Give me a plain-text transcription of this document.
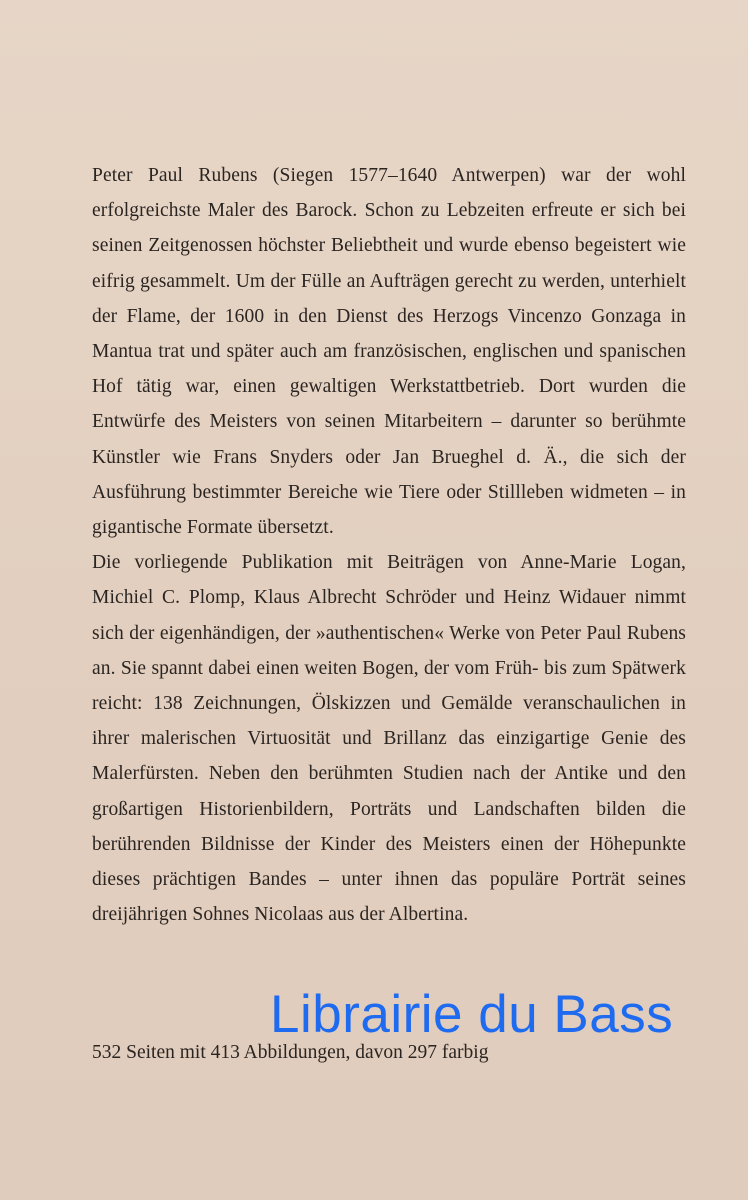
Peter Paul Rubens (Siegen 1577–1640 Antwerpen) war der wohl erfolgreichste Maler des Barock. Schon zu Lebzeiten erfreute er sich bei seinen Zeitgenossen höchster Beliebtheit und wurde ebenso begeistert wie eifrig gesammelt. Um der Fülle an Aufträgen gerecht zu werden, unterhielt der Flame, der 1600 in den Dienst des Herzogs Vincenzo Gonzaga in Mantua trat und später auch am französischen, englischen und spanischen Hof tätig war, einen gewaltigen Werkstattbetrieb. Dort wurden die Entwürfe des Meisters von seinen Mitarbeitern – darunter so berühmte Künstler wie Frans Snyders oder Jan Brueghel d. Ä., die sich der Ausführung bestimmter Bereiche wie Tiere oder Stillleben widmeten – in gigantische Formate übersetzt.

Die vorliegende Publikation mit Beiträgen von Anne-Marie Logan, Michiel C. Plomp, Klaus Albrecht Schröder und Heinz Widauer nimmt sich der eigenhändigen, der »authentischen« Werke von Peter Paul Rubens an. Sie spannt dabei einen weiten Bogen, der vom Früh- bis zum Spätwerk reicht: 138 Zeichnungen, Ölskizzen und Gemälde veranschaulichen in ihrer malerischen Virtuosität und Brillanz das einzigartige Genie des Malerfürsten. Neben den berühmten Studien nach der Antike und den großartigen Historienbildern, Porträts und Landschaften bilden die berührenden Bildnisse der Kinder des Meisters einen der Höhepunkte dieses prächtigen Bandes – unter ihnen das populäre Porträt seines dreijährigen Sohnes Nicolaas aus der Albertina.

Librairie du Bass
532 Seiten mit 413 Abbildungen, davon 297 farbig
